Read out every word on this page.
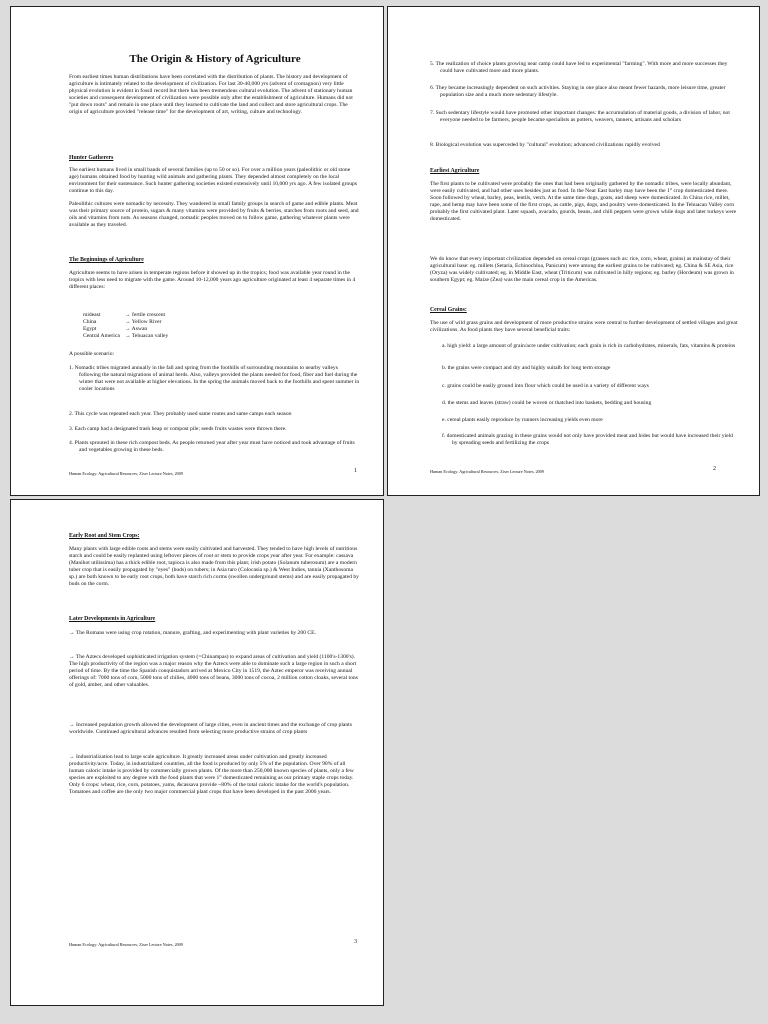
The Origin & History of Agriculture

From earliest times human distributions have been correlated with the distribution of plants. The history and development of agriculture is intimately related to the development of civilization. For last 30-40,000 yrs (advent of cromagnon) very little physical evolution is evident in fossil record but there has been tremendous cultural evolution. The advent of stationary human societies and consequent development of civilization were possible only after the establishment of agriculture. Humans did not "put down roots" and remain in one place until they learned to cultivate the land and collect and store agricultural crops. The origin of agriculture provided "release time" for the development of art, writing, culture and technology.

Hunter Gatherers

The earliest humans lived in small bands of several families (up to 50 or so). For over a million years (paleolithic or old stone age) humans obtained food by hunting wild animals and gathering plants. They depended almost completely on the local environment for their sustenance. Such hunter gathering societies existed extensively until 10,000 yrs ago. A few isolated groups continue to this day.

Paleolithic cultures were nomadic by necessity. They wandered in small family groups in search of game and edible plants. Meat was their primary source of protein, sugars & many vitamins were provided by fruits & berries, starches from roots and seed, and oils and vitamins from nuts. As seasons changed, nomadic peoples moved on to follow game, gathering whatever plants were available as they traveled.

The Beginnings of Agriculture

Agriculture seems to have arisen in temperate regions before it showed up in the tropics; food was available year round in the tropics with less need to migrate with the game. Around 10-12,000 years ago agriculture originated at least 4 separate times in 4 different places:

mideast	→ fertile crescent
China	→ Yellow River
Egypt	→ Aswan
Central America → Tehuacan valley

A possible scenario:

1. Nomadic tribes migrated annually in the fall and spring from the foothills of surrounding mountains to nearby valleys following the natural migrations of animal herds. Also, valleys provided the plants needed for food, fiber and fuel during the winter that were not available at higher elevations. In the spring the animals moved back to the foothills and spent summer in cooler locations

2. This cycle was repeated each year. They probably used same routes and same camps each season

3. Each camp had a designated trash heap or compost pile; seeds fruits wastes were thrown there.

4. Plants sprouted in these rich compost beds. As people returned year after year must have noticed and took advantage of fruits and vegetables growing in these beds.

Human Ecology: Agricultural Resources; Ziser Lecture Notes, 2009	1

5. The realization of choice plants growing near camp could have led to experimental "farming". With more and more successes they could have cultivated more and more plants.

6. They became increasingly dependent on such activities. Staying in one place also meant fewer hazards, more leisure time, greater population size and a much more sedentary lifestyle.

7. Such sedentary lifestyle would have promoted other important changes: the accumulation of material goods, a division of labor, not everyone needed to be farmers, people became specialists as potters, weavers, tanners, artisans and scholars

8. Biological evolution was superceded by "cultural" evolution; advanced civilizations rapidly evolved

Earliest Agriculture

The first plants to be cultivated were probably the ones that had been originally gathered by the nomadic tribes, were locally abundant, were easily cultivated, and had other uses besides just as food. In the Near East barley may have been the 1° crop domesticated there. Soon followed by wheat, barley, peas, lentils, vetch. At the same time dogs, goats, and sheep were domesticated. In China rice, millet, rape, and hemp may have been some of the first crops, as cattle, pigs, dogs, and poultry were domesticated. In the Tehuacan Valley corn probably the first cultivated plant. Later squash, avacado, gourds, beans, and chili peppers were grown while dogs and later turkeys were domesticated.

We do know that every important civilization depended on cereal crops (grasses such as: rice, corn, wheat, grains) as mainstay of their agricultural base: eg. millets (Setaria, Echinochloa, Panicum) were among the earliest grains to be cultivated; eg. China & SE Asia, rice (Oryza) was widely cultivated; eg. in Middle East, wheat (Triticum) was cultivated in hilly regions; eg. barley (Hordeum) was grown in southern Egypt; eg. Maize (Zea) was the main cereal crop in the Americas.

Cereal Grains:

The use of wild grass grains and development of more productive strains were central to further development of settled villages and great civilizations. As food plants they have several beneficial traits:

a. high yield: a large amount of grain/acre under cultivation; each grain is rich in carbohydrates, minerals, fats, vitamins & proteins

b. the grains were compact and dry and highly suitalb for long term storage

c. grains could be easily ground into flour which could be used in a variety of different ways

d. the stems and leaves (straw) could be woven or thatched into baskets, bedding and housing

e. cereal plants easily reproduce by runners increasing yields even more

f. domesticated animals grazing in these grains would not only have provided meat and hides but would have increased their yield by spreading seeds and fertilizing the crops

Human Ecology: Agricultural Resources; Ziser Lecture Notes, 2009	2

Early Root and Stem Crops:

Many plants with large edible roots and stems were easily cultivated and harvested. They tended to have high levels of nutritious starch and could be easily replanted using leftover pieces of root or stem to provide crops year after year. For example: cassava (Manihot utilissima) has a thick edible root, tapioca is also made from this plant; irish potato (Solanum tuberosum) are a modern tuber crop that is easily propagated by "eyes" (buds) on tubers; in Asia taro (Colocasia sp.) & West Indies, tannia (Xanthosoma sp.) are both known to be early root crops, both have starch rich corms (swollen underground stems) and are easily propagated by buds on the corm.

Later Developments in Agriculture

→ The Romans were using crop rotation, manure, grafting, and experimenting with plant varieties by 200 CE.

→ The Aztecs developed sophisticated irrigation system (=Chinampas) to expand areas of cultivation and yield (1100's-1300's). The high productivity of the region was a major reason why the Aztecs were able to dominate such a large region in such a short period of time. By the time the Spanish conquistadors arrived at Mexico City in 1519, the Aztec emperor was receiving annual offerings of: 7000 tons of corn, 5000 tons of chilies, 4000 tons of beans, 3000 tons of cocoa, 2 million cotton cloaks, several tons of gold, amber, and other valuables.

→ Increased population growth allowed the development of large cities, even in ancient times and the exchange of crop plants worldwide. Continued agricultural advances resulted from selecting more productive strains of crop plants

→ Industrialization lead to large scale agriculture. It greatly increased areas under cultivation and greatly increased productivity/acre. Today, in industrialized countries, all the food is produced by only 5% of the population. Over 90% of all human caloric intake is provided by commercially grown plants. Of the more than 250,000 known species of plants, only a few species are exploited to any degree with the food plants that were 1° domesticated remaining as our primary staple crops today. Only 6 crops: wheat, rice, corn, potatoes, yams, &cassava provide ~80% of the total caloric intake for the world's population. Tomatoes and coffee are the only two major commercial plant crops that have been developed in the past 2000 years.

Human Ecology: Agricultural Resources; Ziser Lecture Notes, 2009	3
